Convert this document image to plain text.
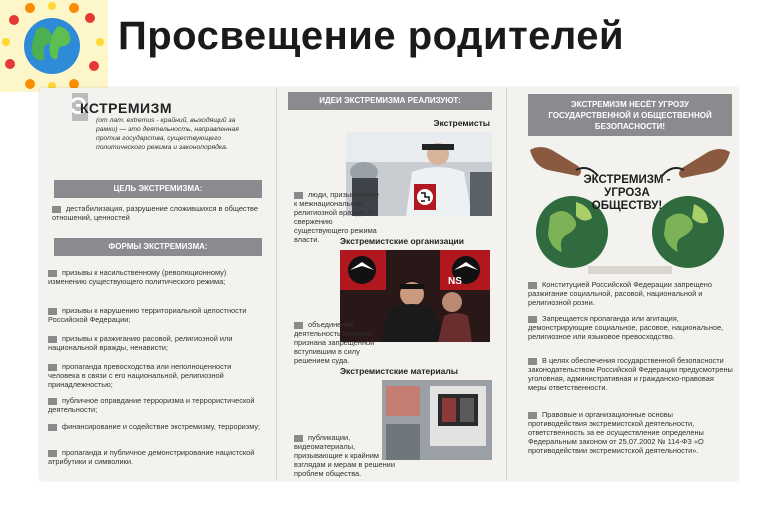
Просвещение родителей
Э
КСТРЕМИЗМ
(от лат. extremus - крайний, выходящий за рамки) — это деятельность, направленная против государства, существующего политического режима и законопорядка.
ЦЕЛЬ ЭКСТРЕМИЗМА:
дестабилизация, разрушение сложившихся в обществе отношений, ценностей
ФОРМЫ ЭКСТРЕМИЗМА:
призывы к насильственному (революционному) изменению существующего политического режима;
призывы к нарушению территориальной целостности Российской Федерации;
призывы к разжиганию расовой, религиозной или национальной вражды, ненависти;
пропаганда превосходства или неполноценности человека в связи с его национальной, религиозной принадлежностью;
публичное оправдание терроризма и террористической деятельности;
финансирование и содействие экстремизму, терроризму;
пропаганда и публичное демонстрирование нацистской атрибутики и символики.
ИДЕИ ЭКСТРЕМИЗМА РЕАЛИЗУЮТ:
Экстремисты
люди, призывающие к межнациональной, религиозной вражде, к свержению существующего режима власти.	Экстремистские организации
NS
объединение, деятельность которого признана запрещенной вступившим в силу решением суда.
Экстремистские материалы
публикации, видеоматериалы, призывающие к крайним взглядам и мерам в решении проблем общества.
ЭКСТРЕМИЗМ НЕСЁТ УГРОЗУ ГОСУДАРСТВЕННОЙ И ОБЩЕСТВЕННОЙ БЕЗОПАСНОСТИ!
ЭКСТРЕМИЗМ - УГРОЗА ОБЩЕСТВУ!
Конституцией Российской Федерации запрещено разжигание социальной, расовой, национальной и религиозной розни.
Запрещается пропаганда или агитация, демонстрирующие социальное, расовое, национальное, религиозное или языковое превосходство.
В целях обеспечения государственной безопасности законодательством Российской Федерации предусмотрены уголовная, административная и гражданско-правовая меры ответственности.
Правовые и организационные основы противодействия экстремистской деятельности, ответственность за ее осуществление определены Федеральным законом от 25.07.2002 № 114-ФЗ «О противодействии экстремистской деятельности».
